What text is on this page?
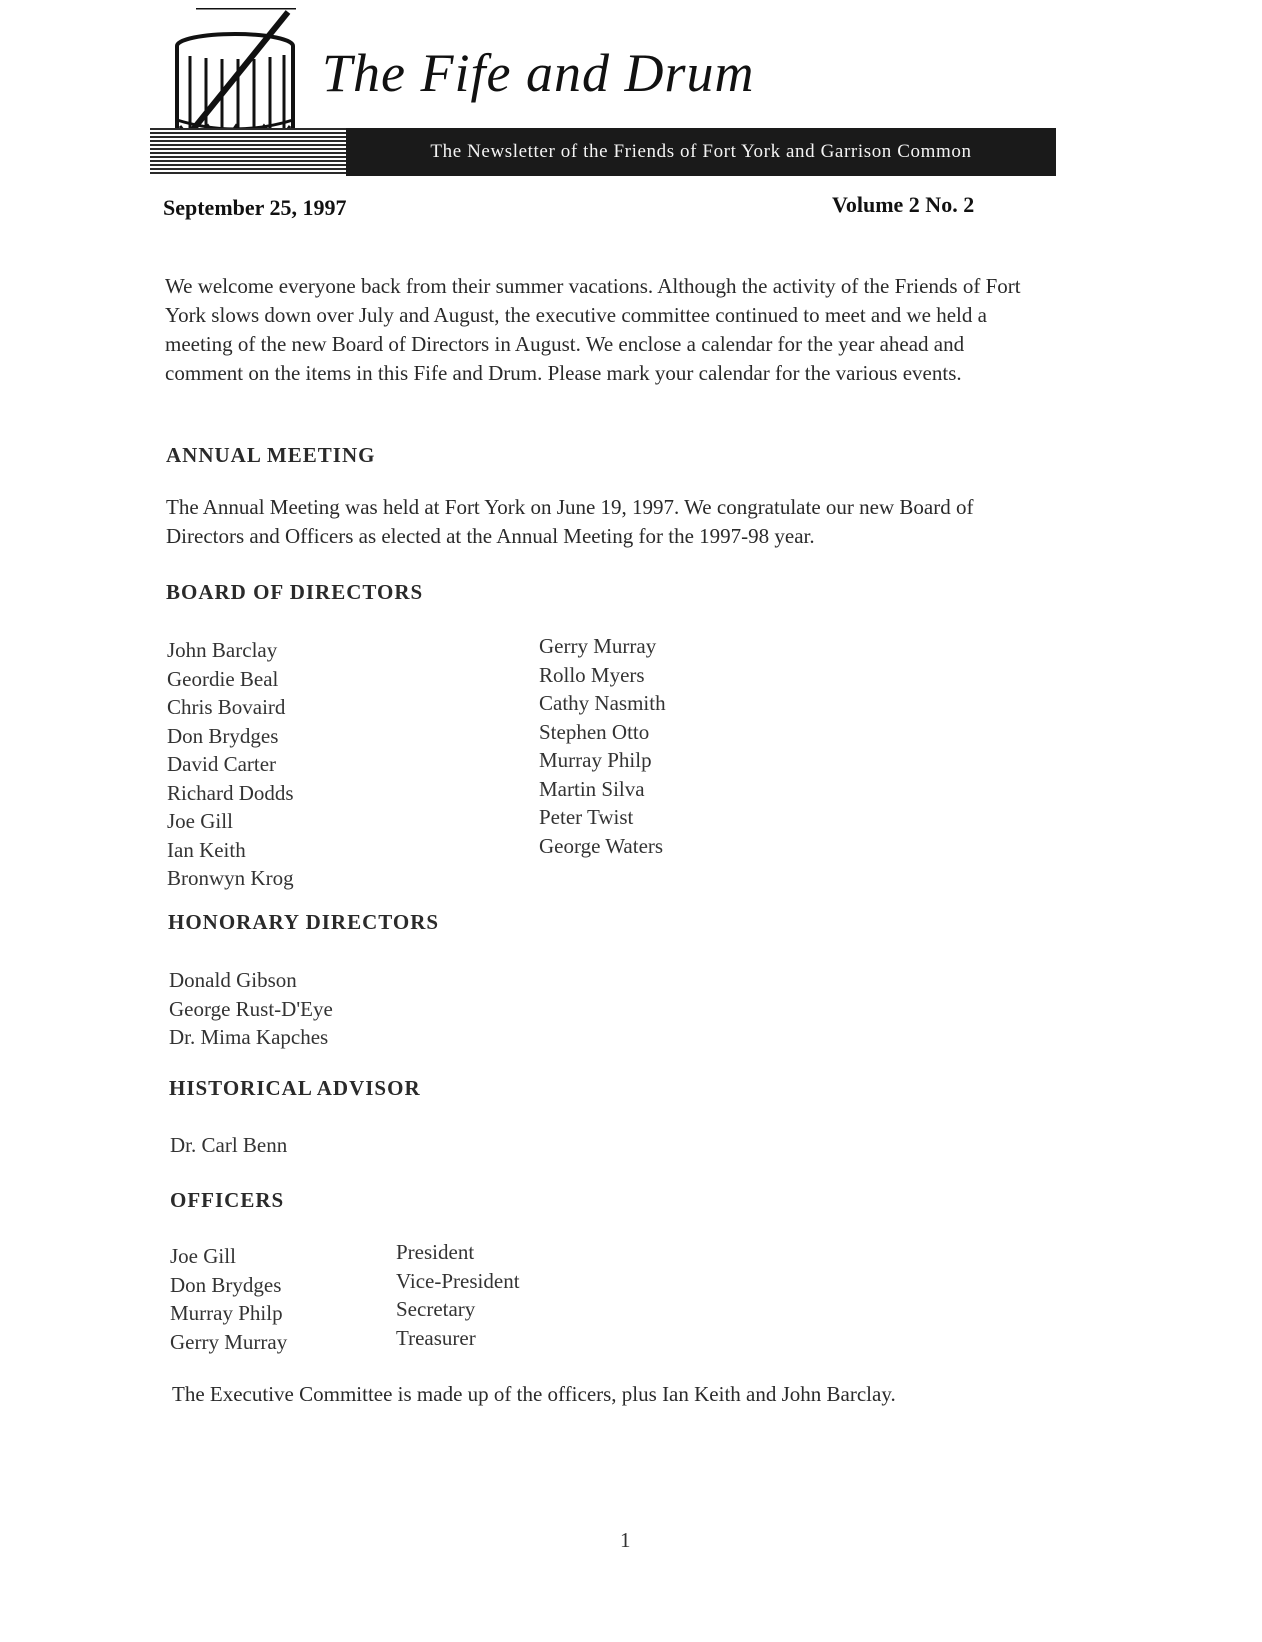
The Fife and Drum
The Newsletter of the Friends of Fort York and Garrison Common
September 25, 1997	Volume 2 No. 2
We welcome everyone back from their summer vacations. Although the activity of the Friends of Fort York slows down over July and August, the executive committee continued to meet and we held a meeting of the new Board of Directors in August. We enclose a calendar for the year ahead and comment on the items in this Fife and Drum. Please mark your calendar for the various events.
ANNUAL MEETING
The Annual Meeting was held at Fort York on June 19, 1997. We congratulate our new Board of Directors and Officers as elected at the Annual Meeting for the 1997-98 year.
BOARD OF DIRECTORS
John Barclay
Geordie Beal
Chris Bovaird
Don Brydges
David Carter
Richard Dodds
Joe Gill
Ian Keith
Bronwyn Krog
Gerry Murray
Rollo Myers
Cathy Nasmith
Stephen Otto
Murray Philp
Martin Silva
Peter Twist
George Waters
HONORARY DIRECTORS
Donald Gibson
George Rust-D'Eye
Dr. Mima Kapches
HISTORICAL ADVISOR
Dr. Carl Benn
OFFICERS
Joe Gill
Don Brydges
Murray Philp
Gerry Murray
President
Vice-President
Secretary
Treasurer
The Executive Committee is made up of the officers, plus Ian Keith and John Barclay.
1
